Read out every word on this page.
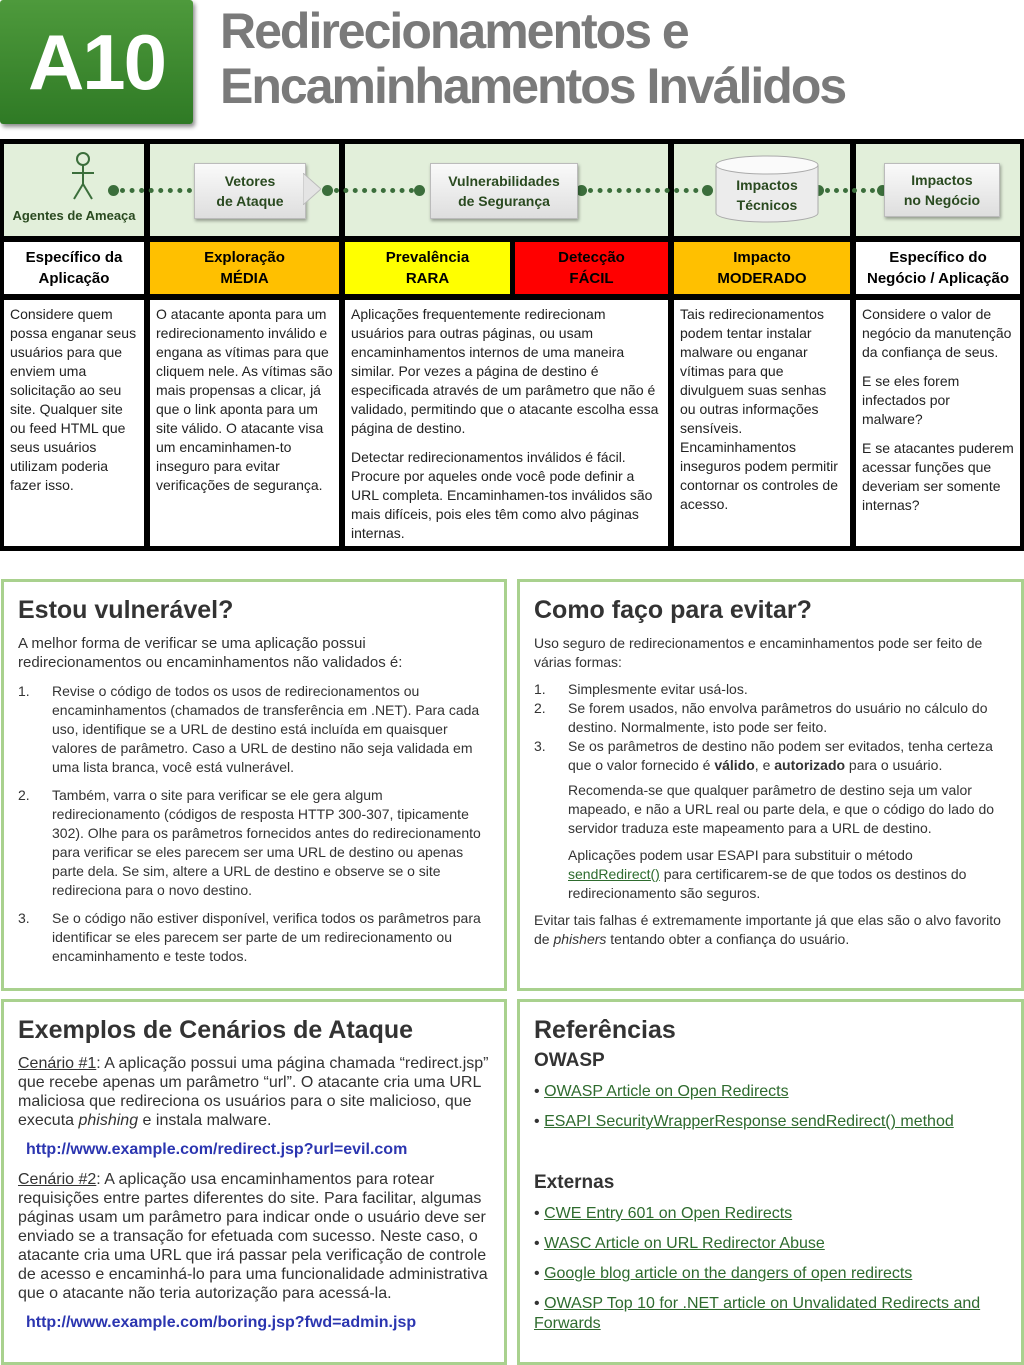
A10	Redirecionamentos e
Encaminhamentos Inválidos
Agentes de Ameaça
Vetores
de Ataque
Vulnerabilidades
de Segurança
Impactos
Técnicos
Impactos
no Negócio
Específico da
Aplicação
Exploração
MÉDIA
Prevalência
RARA
Detecção
FÁCIL
Impacto
MODERADO
Específico do
Negócio / Aplicação
Considere quem possa enganar seus usuários para que enviem uma solicitação ao seu site. Qualquer site ou feed HTML que seus usuários utilizam poderia fazer isso.
O atacante aponta para um redirecionamento inválido e engana as vítimas para que cliquem nele. As vítimas são mais propensas a clicar, já que o link aponta para um site válido. O atacante visa um encaminhamen-to inseguro para evitar verificações de segurança.

Aplicações frequentemente redirecionam usuários para outras páginas, ou usam encaminhamentos internos de uma maneira similar. Por vezes a página de destino é especificada através de um parâmetro que não é validado, permitindo que o atacante escolha essa página de destino.

Detectar redirecionamentos inválidos é fácil. Procure por aqueles onde você pode definir a URL completa. Encaminhamen-tos inválidos são mais difíceis, pois eles têm como alvo páginas internas.

Tais redirecionamentos podem tentar instalar malware ou enganar vítimas para que divulguem suas senhas ou outras informações sensíveis. Encaminhamentos inseguros podem permitir contornar os controles de acesso.

Considere o valor de negócio da manutenção da confiança de seus.

E se eles forem infectados por malware?

E se atacantes puderem acessar funções que deveriam ser somente internas?

Estou vulnerável?
A melhor forma de verificar se uma aplicação possui redirecionamentos ou encaminhamentos não validados é:
1. Revise o código de todos os usos de redirecionamentos ou encaminhamentos (chamados de transferência em .NET). Para cada uso, identifique se a URL de destino está incluída em quaisquer valores de parâmetro. Caso a URL de destino não seja validada em uma lista branca, você está vulnerável.
2. Também, varra o site para verificar se ele gera algum redirecionamento (códigos de resposta HTTP 300-307, tipicamente 302). Olhe para os parâmetros fornecidos antes do redirecionamento para verificar se eles parecem ser uma URL de destino ou apenas parte dela. Se sim, altere a URL de destino e observe se o site redireciona para o novo destino.
3. Se o código não estiver disponível, verifica todos os parâmetros para identificar se eles parecem ser parte de um redirecionamento ou encaminhamento e teste todos.
Como faço para evitar?
Uso seguro de redirecionamentos e encaminhamentos pode ser feito de várias formas:
1. Simplesmente evitar usá-los.
2. Se forem usados, não envolva parâmetros do usuário no cálculo do destino. Normalmente, isto pode ser feito.
3. Se os parâmetros de destino não podem ser evitados, tenha certeza que o valor fornecido é válido, e autorizado para o usuário.
Recomenda-se que qualquer parâmetro de destino seja um valor mapeado, e não a URL real ou parte dela, e que o código do lado do servidor traduza este mapeamento para a URL de destino.
Aplicações podem usar ESAPI para substituir o método sendRedirect() para certificarem-se de que todos os destinos do redirecionamento são seguros.
Evitar tais falhas é extremamente importante já que elas são o alvo favorito de phishers tentando obter a confiança do usuário.
Exemplos de Cenários de Ataque
Cenário #1: A aplicação possui uma página chamada “redirect.jsp” que recebe apenas um parâmetro “url”. O atacante cria uma URL maliciosa que redireciona os usuários para o site malicioso, que executa phishing e instala malware.
http://www.example.com/redirect.jsp?url=evil.com
Cenário #2: A aplicação usa encaminhamentos para rotear requisições entre partes diferentes do site. Para facilitar, algumas páginas usam um parâmetro para indicar onde o usuário deve ser enviado se a transação for efetuada com sucesso. Neste caso, o atacante cria uma URL que irá passar pela verificação de controle de acesso e encaminhá-lo para uma funcionalidade administrativa que o atacante não teria autorização para acessá-la.
http://www.example.com/boring.jsp?fwd=admin.jsp
Referências
OWASP
• OWASP Article on Open Redirects
• ESAPI SecurityWrapperResponse sendRedirect() method
Externas
• CWE Entry 601 on Open Redirects
• WASC Article on URL Redirector Abuse
• Google blog article on the dangers of open redirects
• OWASP Top 10 for .NET article on Unvalidated Redirects and Forwards
